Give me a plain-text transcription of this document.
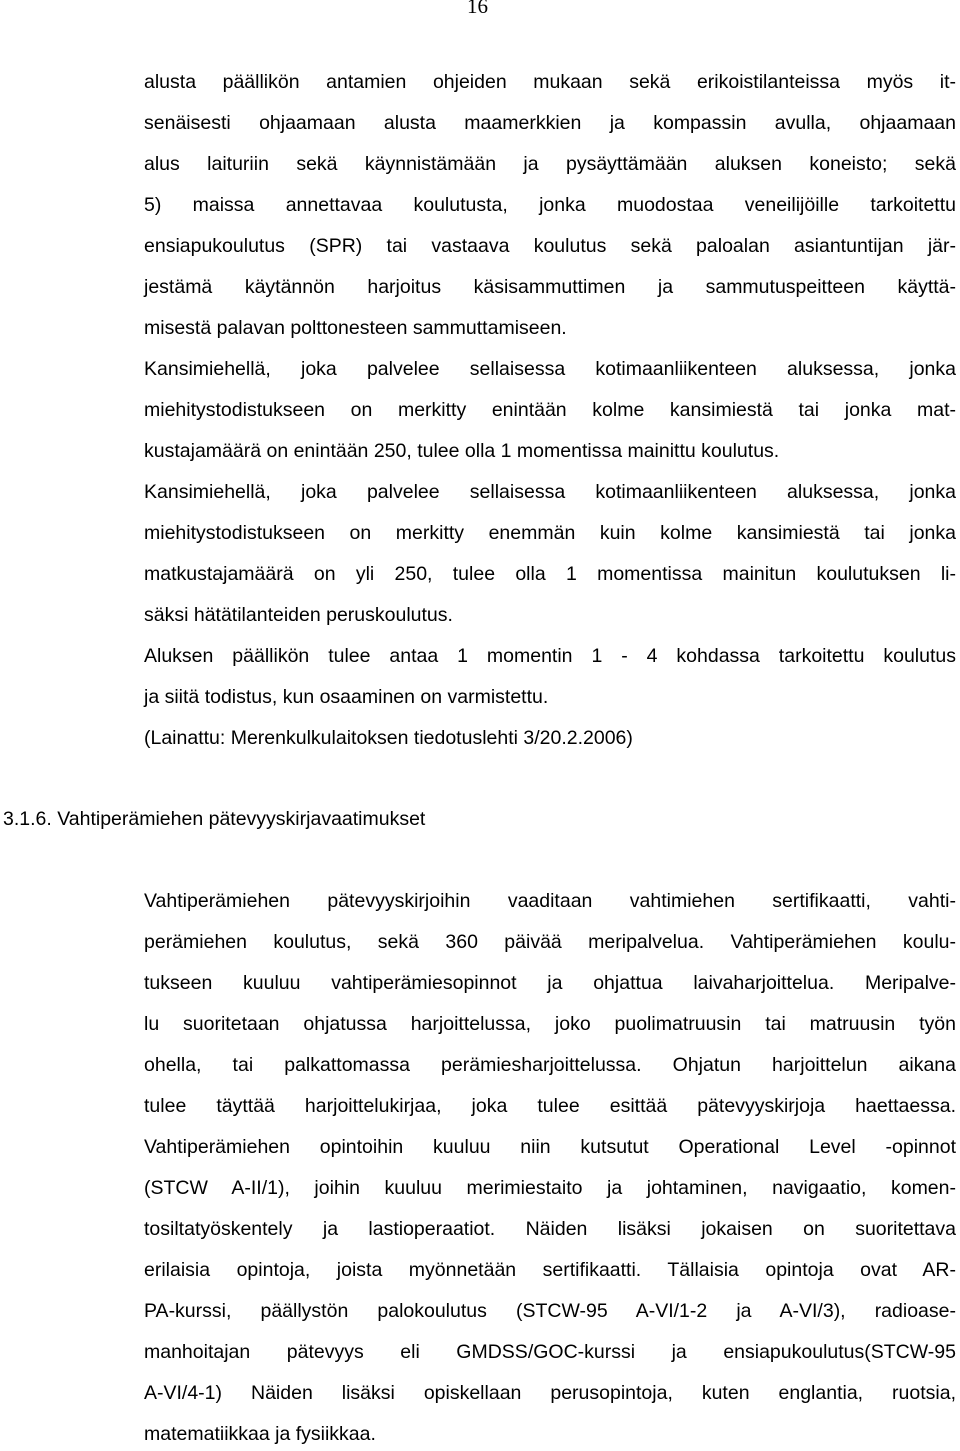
16
alusta päällikön antamien ohjeiden mukaan sekä erikoistilanteissa myös it-
senäisesti ohjaamaan alusta maamerkkien ja kompassin avulla, ohjaamaan
alus laituriin sekä käynnistämään ja pysäyttämään aluksen koneisto; sekä
5) maissa annettavaa koulutusta, jonka muodostaa veneilijöille tarkoitettu
ensiapukoulutus (SPR) tai vastaava koulutus sekä paloalan asiantuntijan jär-
jestämä käytännön harjoitus käsisammuttimen ja sammutuspeitteen käyttä-
misestä palavan polttonesteen sammuttamiseen.
Kansimiehellä, joka palvelee sellaisessa kotimaanliikenteen aluksessa, jonka
miehitystodistukseen on merkitty enintään kolme kansimiestä tai jonka mat-
kustajamäärä on enintään 250, tulee olla 1 momentissa mainittu koulutus.
Kansimiehellä, joka palvelee sellaisessa kotimaanliikenteen aluksessa, jonka
miehitystodistukseen on merkitty enemmän kuin kolme kansimiestä tai jonka
matkustajamäärä on yli 250, tulee olla 1 momentissa mainitun koulutuksen li-
säksi hätätilanteiden peruskoulutus.
Aluksen päällikön tulee antaa 1 momentin 1 - 4 kohdassa tarkoitettu koulutus
ja siitä todistus, kun osaaminen on varmistettu.
(Lainattu: Merenkulkulaitoksen tiedotuslehti 3/20.2.2006)
3.1.6. Vahtiperämiehen pätevyyskirjavaatimukset
Vahtiperämiehen pätevyyskirjoihin vaaditaan vahtimiehen sertifikaatti, vahti-
perämiehen koulutus, sekä 360 päivää meripalvelua. Vahtiperämiehen koulu-
tukseen kuuluu vahtiperämiesopinnot ja ohjattua laivaharjoittelua. Meripalve-
lu suoritetaan ohjatussa harjoittelussa, joko puolimatruusin tai matruusin työn
ohella, tai palkattomassa perämiesharjoittelussa. Ohjatun harjoittelun aikana
tulee täyttää harjoittelukirjaa, joka tulee esittää pätevyyskirjoja haettaessa.
Vahtiperämiehen opintoihin kuuluu niin kutsutut Operational Level -opinnot
(STCW A-II/1), joihin kuuluu merimiestaito ja johtaminen, navigaatio, komen-
tosiltatyöskentely ja lastioperaatiot. Näiden lisäksi jokaisen on suoritettava
erilaisia opintoja, joista myönnetään sertifikaatti. Tällaisia opintoja ovat AR-
PA-kurssi, päällystön palokoulutus (STCW-95 A-VI/1-2 ja A-VI/3), radioase-
manhoitajan pätevyys eli GMDSS/GOC-kurssi ja ensiapukoulutus(STCW-95
A-VI/4-1) Näiden lisäksi opiskellaan perusopintoja, kuten englantia, ruotsia,
matematiikkaa ja fysiikkaa.
